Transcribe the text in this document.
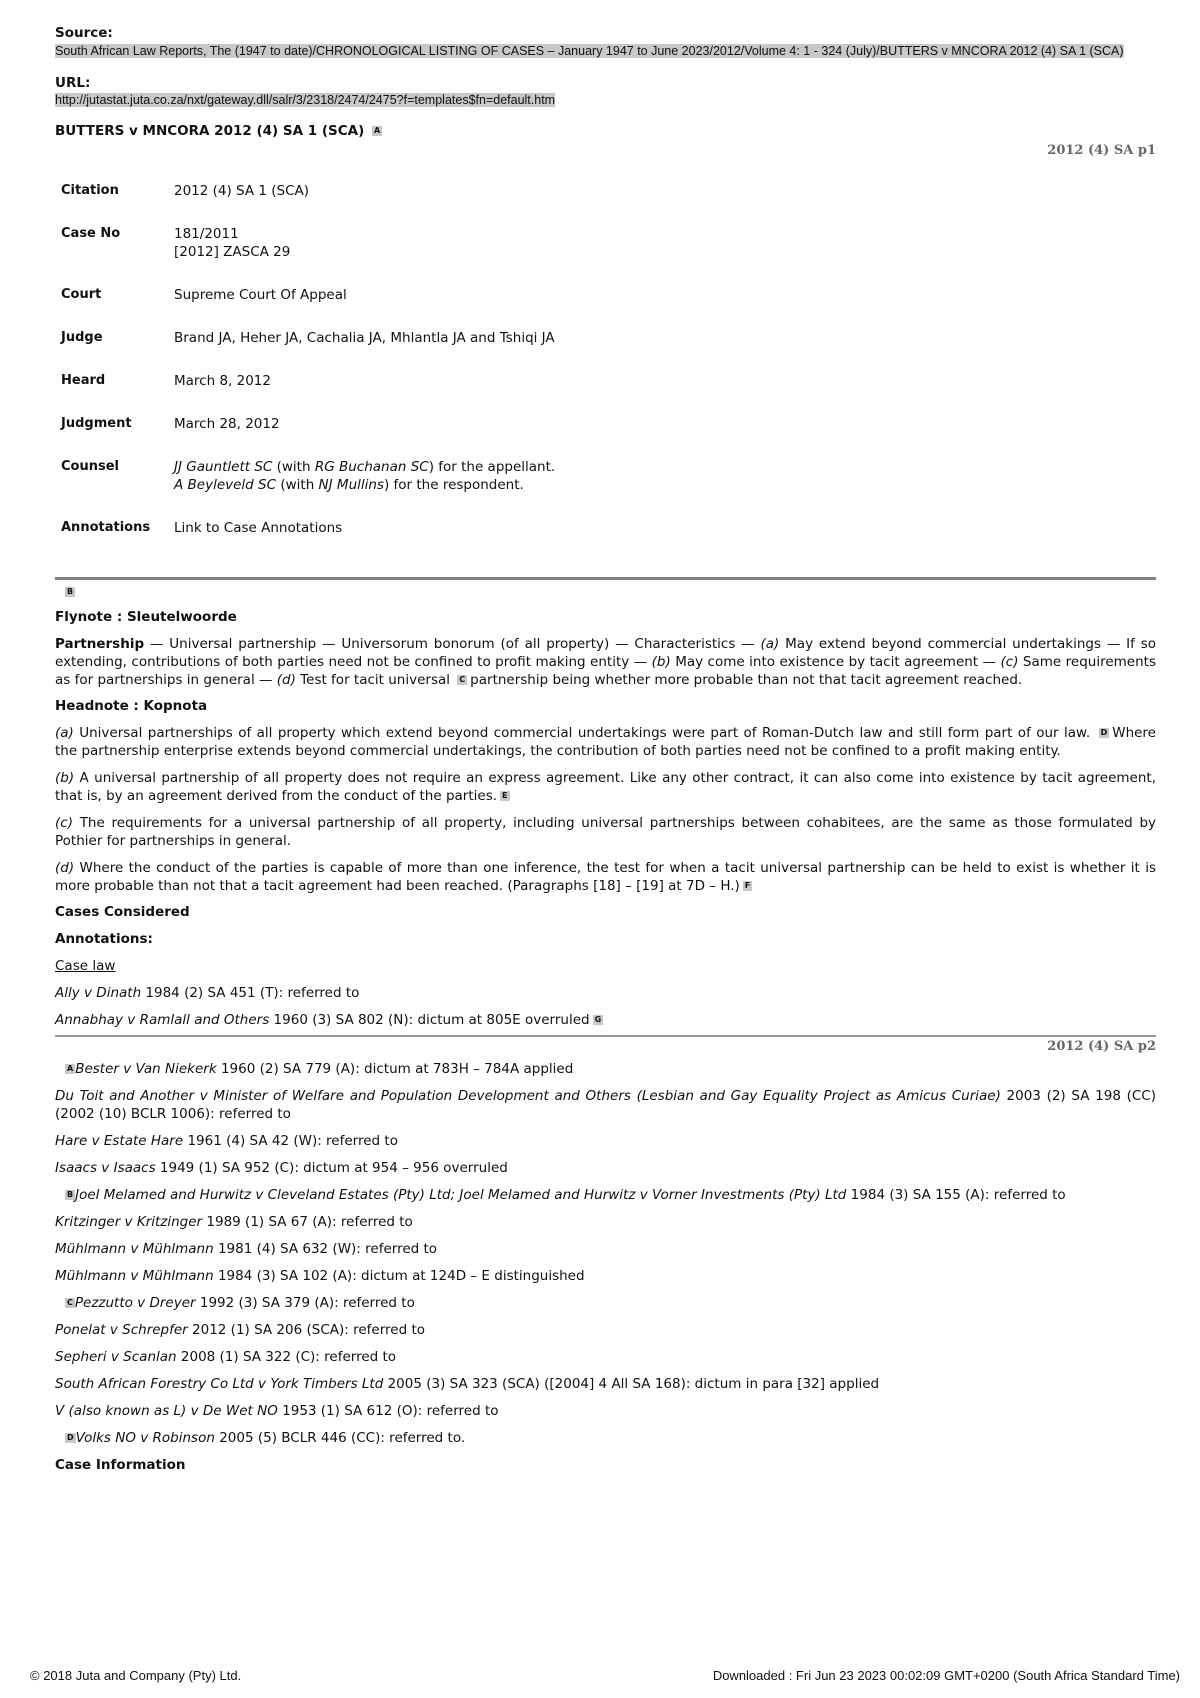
Source:
South African Law Reports, The (1947 to date)/CHRONOLOGICAL LISTING OF CASES – January 1947 to June 2023/2012/Volume 4: 1 - 324 (July)/BUTTERS v MNCORA 2012 (4) SA 1 (SCA)
URL:
http://jutastat.juta.co.za/nxt/gateway.dll/salr/3/2318/2474/2475?f=templates$fn=default.htm
BUTTERS v MNCORA 2012 (4) SA 1 (SCA) A
2012 (4) SA p1
Citation	2012 (4) SA 1 (SCA)
Case No	181/2011
[2012] ZASCA 29

Court	Supreme Court Of Appeal
Judge	Brand JA, Heher JA, Cachalia JA, Mhlantla JA and Tshiqi JA
Heard	March 8, 2012
Judgment	March 28, 2012
Counsel	JJ Gauntlett SC (with RG Buchanan SC) for the appellant.
A Beyleveld SC (with NJ Mullins) for the respondent.

Annotations	Link to Case Annotations
B

Flynote : Sleutelwoorde

Partnership — Universal partnership — Universorum bonorum (of all property) — Characteristics — (a) May extend beyond commercial undertakings — If so extending, contributions of both parties need not be confined to profit making entity — (b) May come into existence by tacit agreement — (c) Same requirements as for partnerships in general — (d) Test for tacit universal C partnership being whether more probable than not that tacit agreement reached.

Headnote : Kopnota

(a) Universal partnerships of all property which extend beyond commercial undertakings were part of Roman-Dutch law and still form part of our law. D Where the partnership enterprise extends beyond commercial undertakings, the contribution of both parties need not be confined to a profit making entity.

(b) A universal partnership of all property does not require an express agreement. Like any other contract, it can also come into existence by tacit agreement, that is, by an agreement derived from the conduct of the parties. E

(c) The requirements for a universal partnership of all property, including universal partnerships between cohabitees, are the same as those formulated by Pothier for partnerships in general.

(d) Where the conduct of the parties is capable of more than one inference, the test for when a tacit universal partnership can be held to exist is whether it is more probable than not that a tacit agreement had been reached. (Paragraphs [18] – [19] at 7D – H.) F

Cases Considered

Annotations:

Case law

Ally v Dinath 1984 (2) SA 451 (T): referred to

Annabhay v Ramlall and Others 1960 (3) SA 802 (N): dictum at 805E overruled G

2012 (4) SA p2

A Bester v Van Niekerk 1960 (2) SA 779 (A): dictum at 783H – 784A applied

Du Toit and Another v Minister of Welfare and Population Development and Others (Lesbian and Gay Equality Project as Amicus Curiae) 2003 (2) SA 198 (CC) (2002 (10) BCLR 1006): referred to

Hare v Estate Hare 1961 (4) SA 42 (W): referred to

Isaacs v Isaacs 1949 (1) SA 952 (C): dictum at 954 – 956 overruled

B Joel Melamed and Hurwitz v Cleveland Estates (Pty) Ltd; Joel Melamed and Hurwitz v Vorner Investments (Pty) Ltd 1984 (3) SA 155 (A): referred to

Kritzinger v Kritzinger 1989 (1) SA 67 (A): referred to

Mühlmann v Mühlmann 1981 (4) SA 632 (W): referred to

Mühlmann v Mühlmann 1984 (3) SA 102 (A): dictum at 124D – E distinguished

C Pezzutto v Dreyer 1992 (3) SA 379 (A): referred to

Ponelat v Schrepfer 2012 (1) SA 206 (SCA): referred to

Sepheri v Scanlan 2008 (1) SA 322 (C): referred to

South African Forestry Co Ltd v York Timbers Ltd 2005 (3) SA 323 (SCA) ([2004] 4 All SA 168): dictum in para [32] applied

V (also known as L) v De Wet NO 1953 (1) SA 612 (O): referred to

D Volks NO v Robinson 2005 (5) BCLR 446 (CC): referred to.

Case Information

© 2018 Juta and Company (Pty) Ltd.	Downloaded : Fri Jun 23 2023 00:02:09 GMT+0200 (South Africa Standard Time)
